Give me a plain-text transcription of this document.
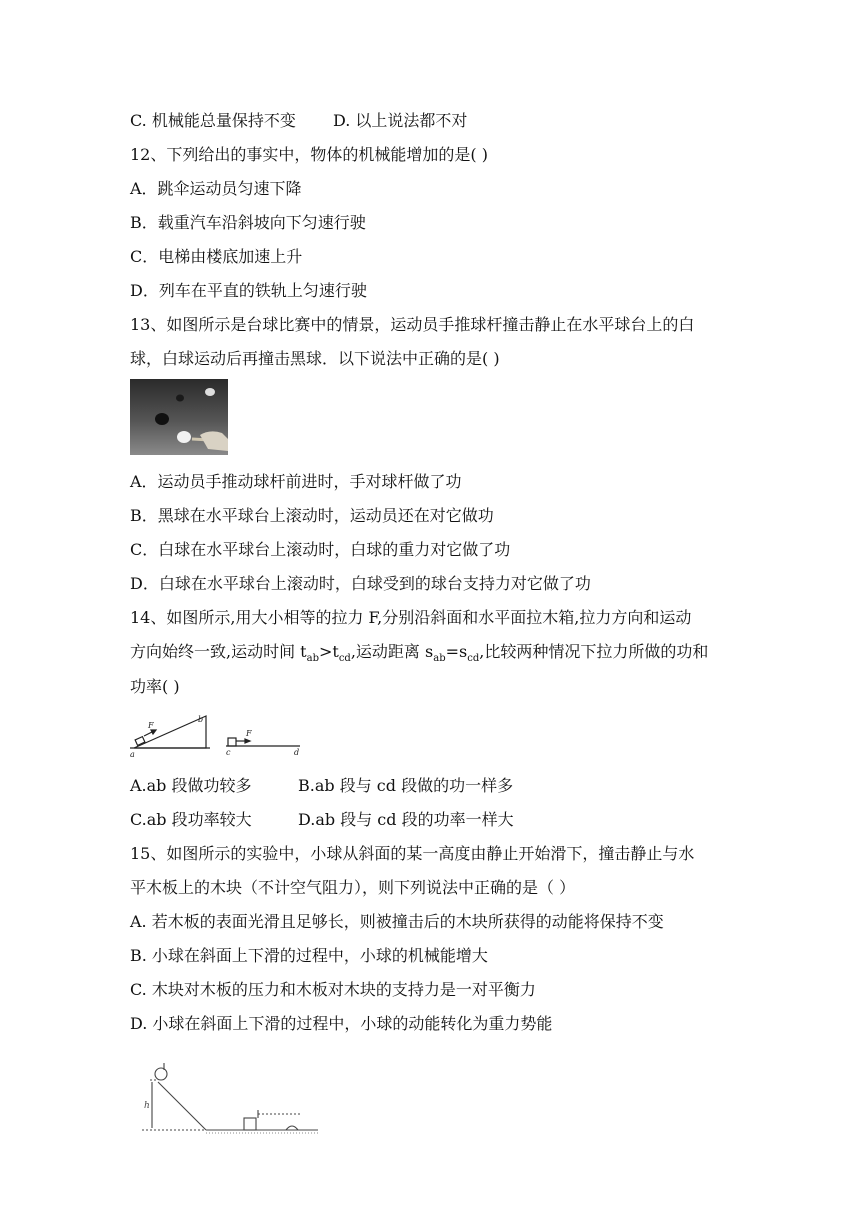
C. 机械能总量保持不变 D. 以上说法都不对
12、下列给出的事实中，物体的机械能增加的是( )
A．跳伞运动员匀速下降
B．载重汽车沿斜坡向下匀速行驶
C．电梯由楼底加速上升
D．列车在平直的铁轨上匀速行驶
13、如图所示是台球比赛中的情景，运动员手推球杆撞击静止在水平球台上的白
球，白球运动后再撞击黑球．以下说法中正确的是( )
A．运动员手推动球杆前进时，手对球杆做了功
B．黑球在水平球台上滚动时，运动员还在对它做功
C．白球在水平球台上滚动时，白球的重力对它做了功
D．白球在水平球台上滚动时，白球受到的球台支持力对它做了功
14、如图所示,用大小相等的拉力 F,分别沿斜面和水平面拉木箱,拉力方向和运动
方向始终一致,运动时间 $t_{ab}>t_{cd}$,运动距离 $s_{ab}=s_{cd}$,比较两种情况下拉力所做的功和
功率( )
F
a
b
F
c	d
A.ab 段做功较多	B.ab 段与 cd 段做的功一样多
C.ab 段功率较大	D.ab 段与 cd 段的功率一样大
15、如图所示的实验中，小球从斜面的某一高度由静止开始滑下，撞击静止与水
平木板上的木块（不计空气阻力），则下列说法中正确的是（ ）
A. 若木板的表面光滑且足够长，则被撞击后的木块所获得的动能将保持不变
B. 小球在斜面上下滑的过程中，小球的机械能增大
C. 木块对木板的压力和木板对木块的支持力是一对平衡力
D. 小球在斜面上下滑的过程中，小球的动能转化为重力势能
h
